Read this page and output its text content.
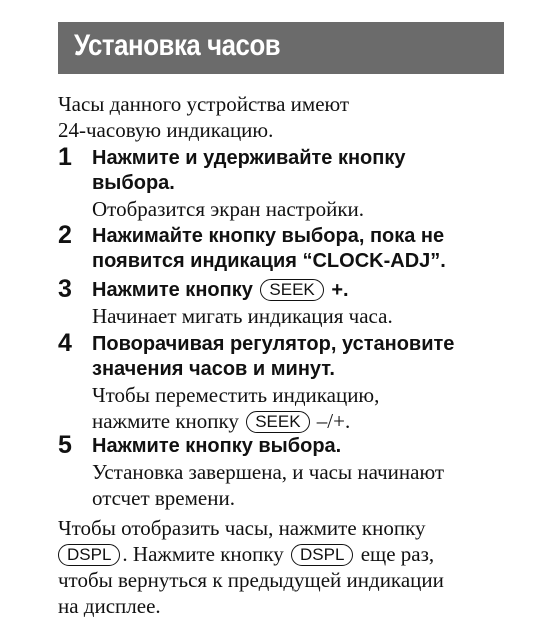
Установка часов

Часы данного устройства имеют

24-часовую индикацию.

1 Нажмите и удерживайте кнопку
выбора.
Отобразится экран настройки.
2 Нажимайте кнопку выбора, пока не
появится индикация “CLOCK-ADJ”.
3 Нажмите кнопку SEEK +.
Начинает мигать индикация часа.
4 Поворачивая регулятор, установите
значения часов и минут.
Чтобы переместить индикацию,
нажмите кнопку SEEK –/+.
5 Нажмите кнопку выбора.
Установка завершена, и часы начинают
отсчет времени.

Чтобы отобразить часы, нажмите кнопку

DSPL . Нажмите кнопку DSPL еще раз,

чтобы вернуться к предыдущей индикации

на дисплее.
